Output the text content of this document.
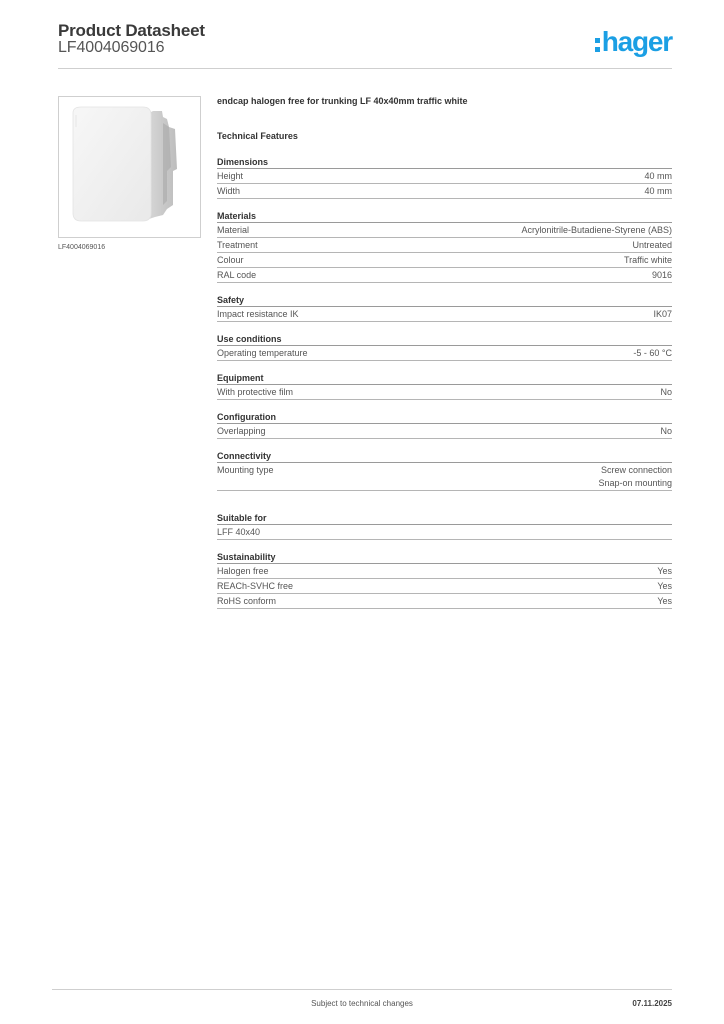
Product Datasheet
LF4004069016	hager
LF4004069016
endcap halogen free for trunking LF 40x40mm traffic white
Technical Features
Dimensions
Height	40 mm
Width	40 mm
Materials
Material	Acrylonitrile-Butadiene-Styrene (ABS)
Treatment	Untreated
Colour	Traffic white
RAL code	9016
Safety
Impact resistance IK	IK07
Use conditions
Operating temperature	-5 - 60 °C
Equipment
With protective film	No
Configuration
Overlapping	No
Connectivity
Mounting type	Screw connection
Snap-on mounting
Suitable for
LFF 40x40
Sustainability
Halogen free	Yes
REACh-SVHC free	Yes
RoHS conform	Yes
Subject to technical changes	07.11.2025
